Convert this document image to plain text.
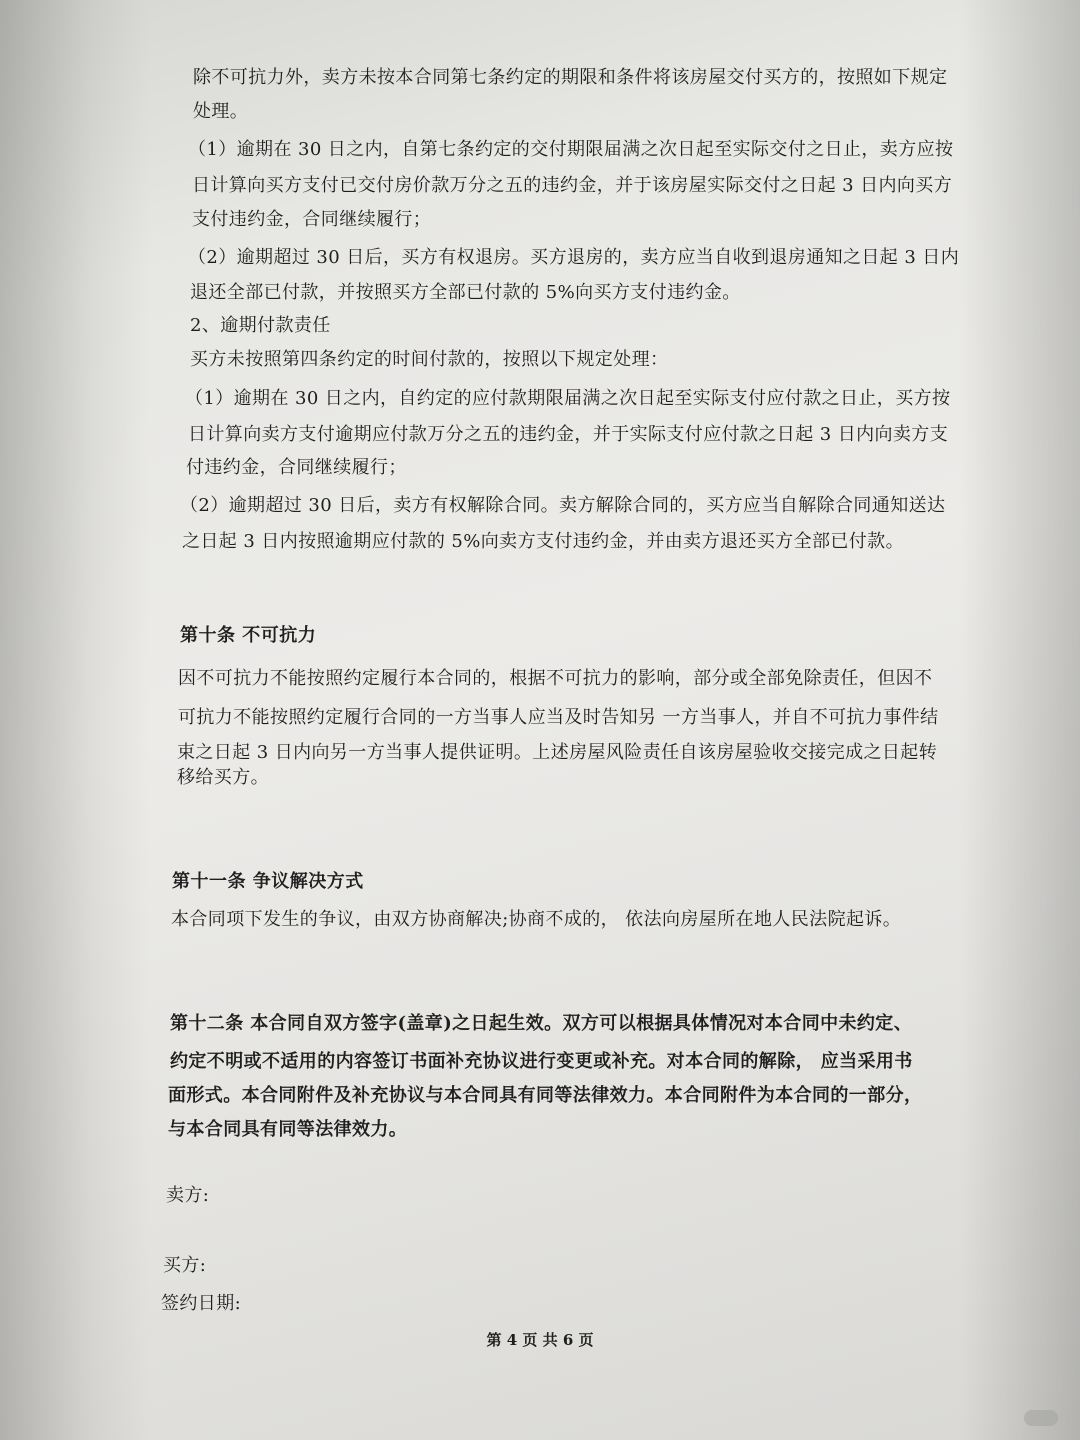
除不可抗力外，卖方未按本合同第七条约定的期限和条件将该房屋交付买方的，按照如下规定
处理。
（1）逾期在 30 日之内，自第七条约定的交付期限届满之次日起至实际交付之日止，卖方应按
日计算向买方支付已交付房价款万分之五的违约金，并于该房屋实际交付之日起 3 日内向买方
支付违约金，合同继续履行；
（2）逾期超过 30 日后，买方有权退房。买方退房的，卖方应当自收到退房通知之日起 3 日内
退还全部已付款，并按照买方全部已付款的 5%向买方支付违约金。
2、逾期付款责任
买方未按照第四条约定的时间付款的，按照以下规定处理：
（1）逾期在 30 日之内，自约定的应付款期限届满之次日起至实际支付应付款之日止，买方按
日计算向卖方支付逾期应付款万分之五的违约金，并于实际支付应付款之日起 3 日内向卖方支
付违约金，合同继续履行；
（2）逾期超过 30 日后，卖方有权解除合同。卖方解除合同的，买方应当自解除合同通知送达
之日起 3 日内按照逾期应付款的 5%向卖方支付违约金，并由卖方退还买方全部已付款。
第十条 不可抗力
因不可抗力不能按照约定履行本合同的，根据不可抗力的影响，部分或全部免除责任，但因不
可抗力不能按照约定履行合同的一方当事人应当及时告知另 一方当事人，并自不可抗力事件结
束之日起 3 日内向另一方当事人提供证明。上述房屋风险责任自该房屋验收交接完成之日起转
移给买方。
第十一条 争议解决方式
本合同项下发生的争议，由双方协商解决;协商不成的， 依法向房屋所在地人民法院起诉。
第十二条 本合同自双方签字(盖章)之日起生效。双方可以根据具体情况对本合同中未约定、
约定不明或不适用的内容签订书面补充协议进行变更或补充。对本合同的解除， 应当采用书
面形式。本合同附件及补充协议与本合同具有同等法律效力。本合同附件为本合同的一部分，
与本合同具有同等法律效力。
卖方:
买方:
签约日期:
第 4 页 共 6 页
